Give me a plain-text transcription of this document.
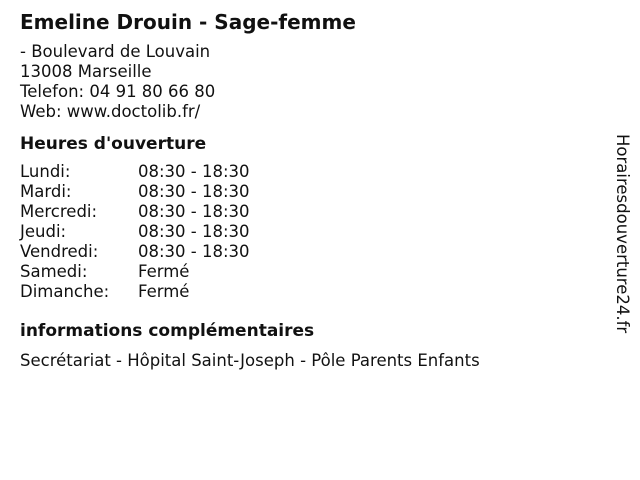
Emeline Drouin - Sage-femme
- Boulevard de Louvain
13008 Marseille
Telefon: 04 91 80 66 80
Web: www.doctolib.fr/
Heures d'ouverture
Lundi:	08:30 - 18:30
Mardi:	08:30 - 18:30
Mercredi:	08:30 - 18:30
Jeudi:	08:30 - 18:30
Vendredi:	08:30 - 18:30
Samedi:	Fermé
Dimanche:	Fermé
informations complémentaires
Secrétariat - Hôpital Saint-Joseph - Pôle Parents Enfants
Horairesdouverture24.fr
